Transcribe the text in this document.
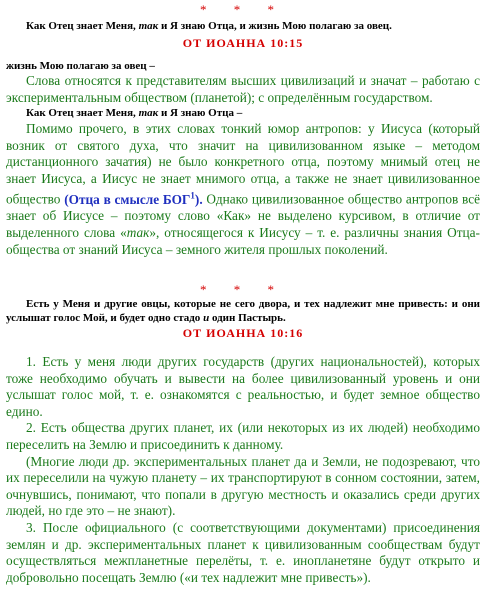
* * *
Как Отец знает Меня, так и Я знаю Отца, и жизнь Мою полагаю за овец.
ОТ ИОАННА 10:15
жизнь Мою полагаю за овец –

Слова относятся к представителям высших цивилизаций и значат – работаю с экспериментальным обществом (планетой); с определённым государством.

Как Отец знает Меня, так и Я знаю Отца –

Помимо прочего, в этих словах тонкий юмор антропов: у Иисуса (который возник от святого духа, что значит на цивилизованном языке – методом дистанционного зачатия) не было конкретного отца, поэтому мнимый отец не знает Иисуса, а Иисус не знает мнимого отца, а также не знает цивилизованное общество (Отца в смысле БОГ$^1$). Однако цивилизованное общество антропов всё знает об Иисусе – поэтому слово «Как» не выделено курсивом, в отличие от выделенного слова «так», относящегося к Иисусу – т. е. различны знания Отца-общества от знаний Иисуса – земного жителя прошлых поколений.

* * *
Есть у Меня и другие овцы, которые не сего двора, и тех надлежит мне привесть: и они услышат голос Мой, и будет одно стадо и один Пастырь.
ОТ ИОАННА 10:16

1. Есть у меня люди других государств (других национальностей), которых тоже необходимо обучать и вывести на более цивилизованный уровень и они услышат голос мой, т. е. ознакомятся с реальностью, и будет земное общество едино.

2. Есть общества других планет, их (или некоторых из их людей) необходимо переселить на Землю и присоединить к данному.

(Многие люди др. экспериментальных планет да и Земли, не подозревают, что их переселили на чужую планету – их транспортируют в сонном состоянии, затем, очнувшись, понимают, что попали в другую местность и оказались среди других людей, но где это – не знают).

3. После официального (с соответствующими документами) присоединения землян и др. экспериментальных планет к цивилизованным сообществам будут осуществляться межпланетные перелёты, т. е. инопланетяне будут открыто и добровольно посещать Землю («и тех надлежит мне привесть»).
